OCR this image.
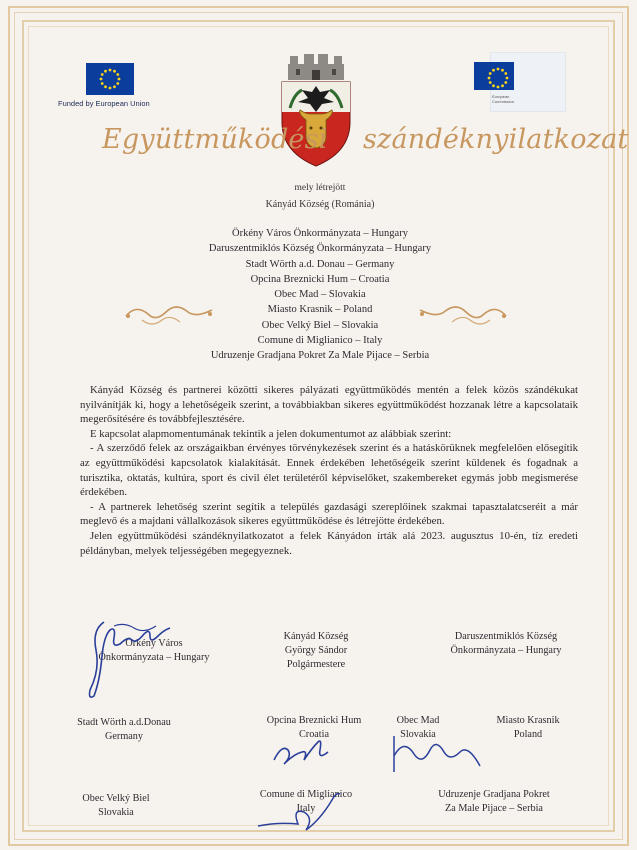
Funded by European Union
European
Commission
Együttműködési szándéknyilatkozat
mely létrejött
Kányád Község (Románia)
Örkény Város Önkormányzata – Hungary
Daruszentmiklós Község Önkormányzata – Hungary
Stadt Wörth a.d. Donau – Germany
Opcina Breznicki Hum – Croatia
Obec Mad – Slovakia
Miasto Krasnik – Poland
Obec Velký Biel – Slovakia
Comune di Miglianico – Italy
Udruzenje Gradjana Pokret Za Male Pijace – Serbia

Kányád Község és partnerei közötti sikeres pályázati együttműködés mentén a felek közös szándékukat nyilvánítják ki, hogy a lehetőségeik szerint, a továbbiakban sikeres együttműködést hozzanak létre a kapcsolataik megerősítésére és továbbfejlesztésére.

E kapcsolat alapmomentumának tekintik a jelen dokumentumot az alábbiak szerint:

- A szerződő felek az országaikban érvényes törvénykezések szerint és a hatáskörüknek megfelelően elősegítik az együttműködési kapcsolatok kialakítását. Ennek érdekében lehetőségeik szerint küldenek és fogadnak a turisztika, oktatás, kultúra, sport és civil élet területéről képviselőket, szakembereket egymás jobb megismerése érdekében.

- A partnerek lehetőség szerint segítik a település gazdasági szereplőinek szakmai tapasztalatcseréit a már meglevő és a majdani vállalkozások sikeres együttműködése és létrejötte érdekében.

Jelen együttműködési szándéknyilatkozatot a felek Kányádon írták alá 2023. augusztus 10-én, tíz eredeti példányban, melyek teljességében megegyeznek.

Örkény Város
Önkormányzata – Hungary
Kányád Község
György Sándor
Polgármestere
Daruszentmiklós Község
Önkormányzata – Hungary
Stadt Wörth a.d.Donau
Germany
Opcina Breznicki Hum
Croatia
Obec Mad
Slovakia
Miasto Krasnik
Poland
Obec Velký Biel
Slovakia
Comune di Miglianico
Italy
Udruzenje Gradjana Pokret
Za Male Pijace – Serbia
